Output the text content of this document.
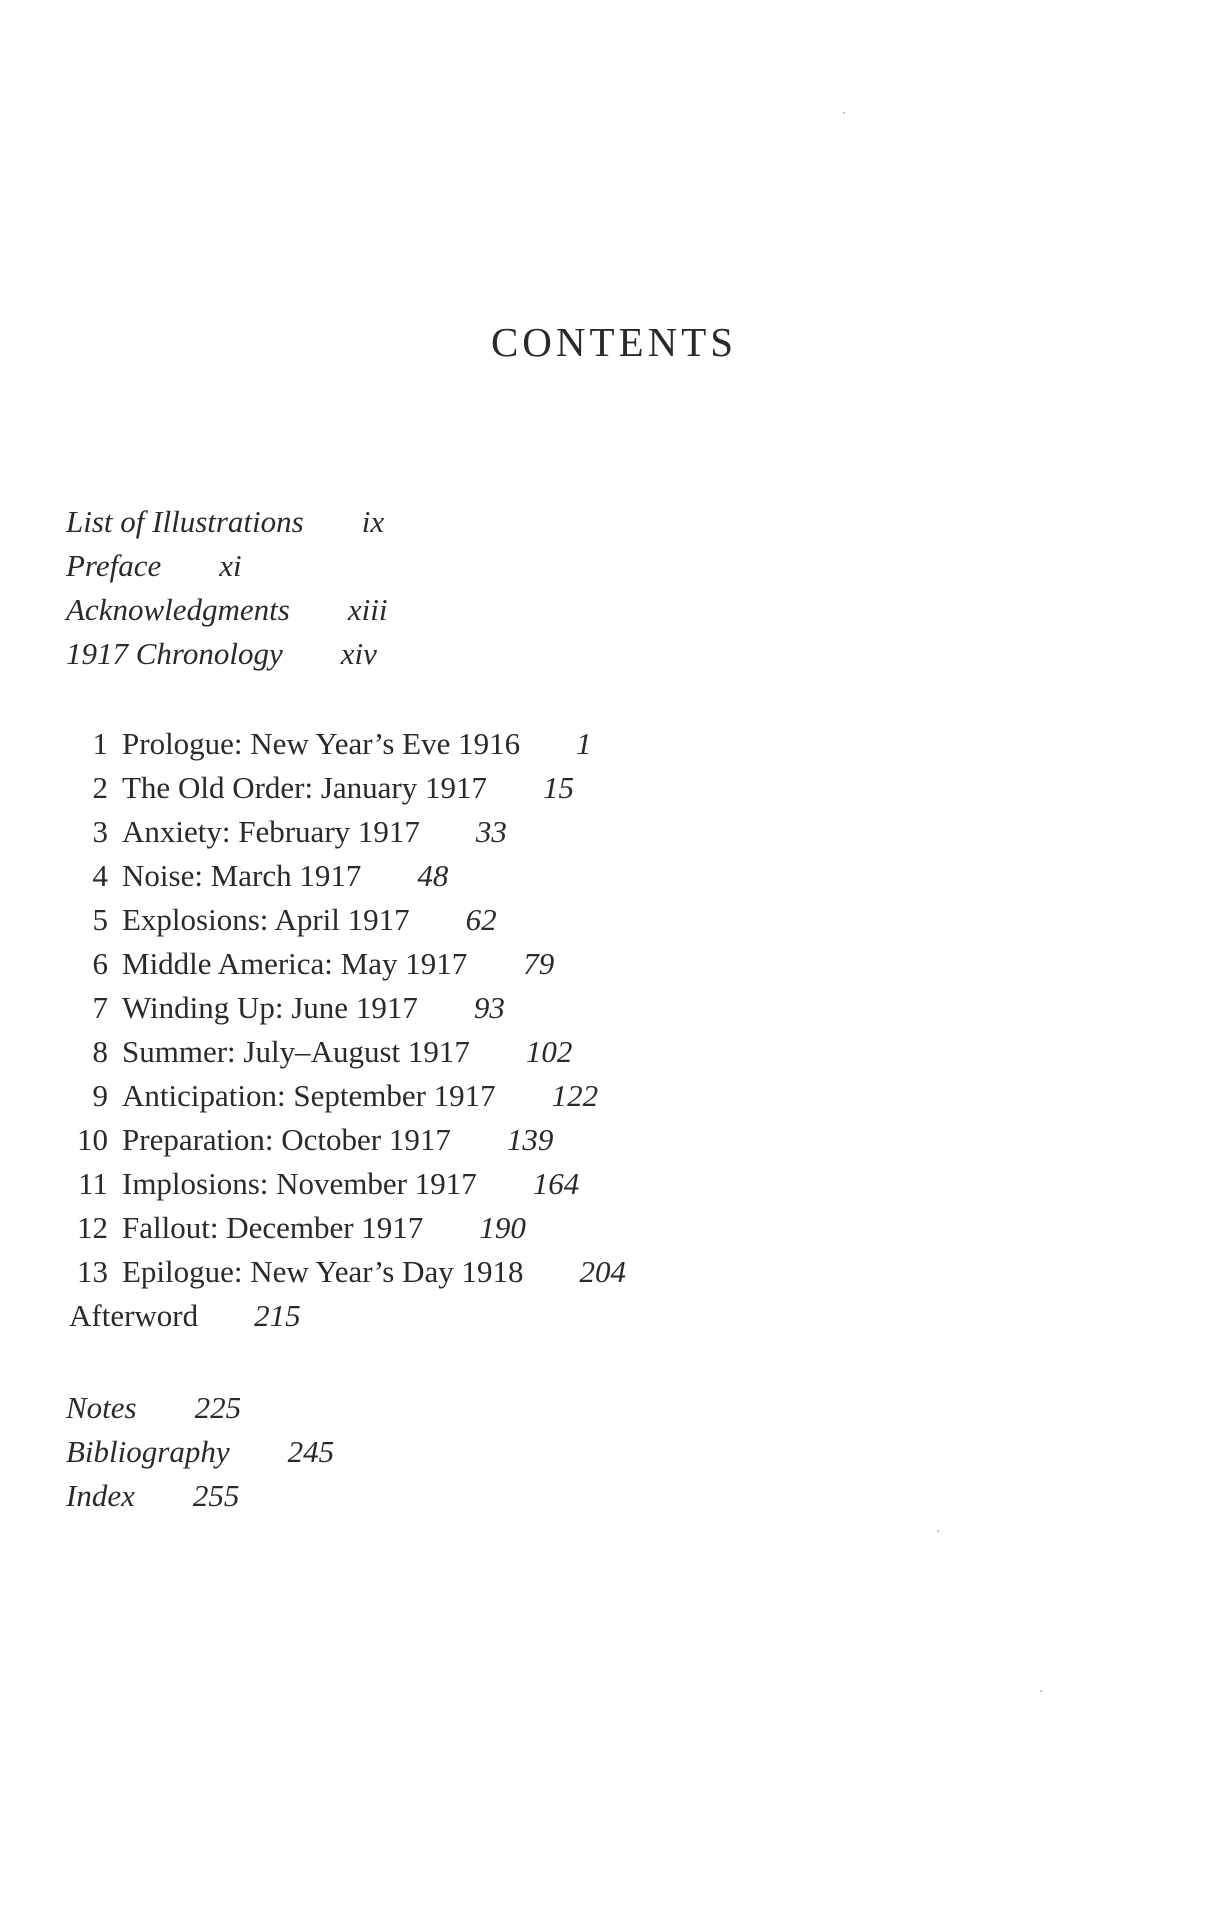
CONTENTS
List of Illustrations ix
Preface xi
Acknowledgments xiii
1917 Chronology xiv
1 Prologue: New Year’s Eve 1916 1
2 The Old Order: January 1917 15
3 Anxiety: February 1917 33
4 Noise: March 1917 48
5 Explosions: April 1917 62
6 Middle America: May 1917 79
7 Winding Up: June 1917 93
8 Summer: July–August 1917 102
9 Anticipation: September 1917 122
10 Preparation: October 1917 139
11 Implosions: November 1917 164
12 Fallout: December 1917 190
13 Epilogue: New Year’s Day 1918 204
Afterword 215
Notes 225
Bibliography 245
Index 255
